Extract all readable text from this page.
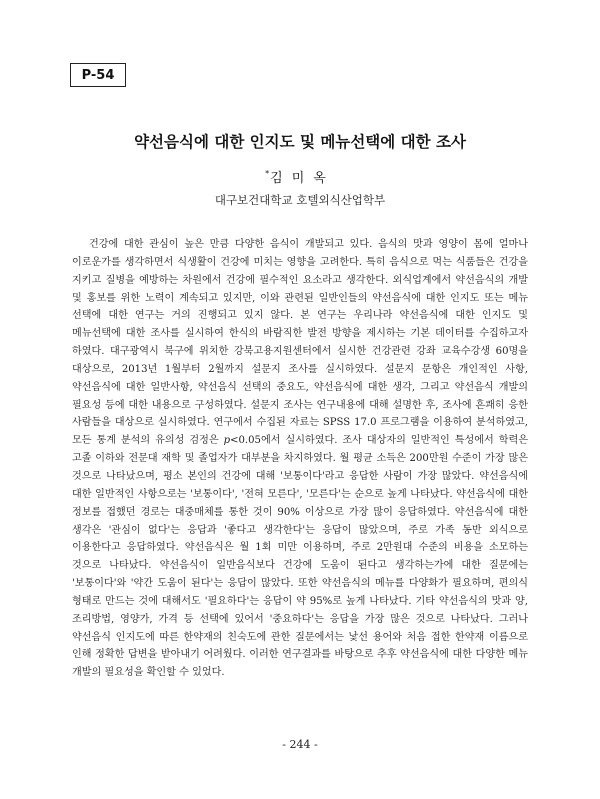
P-54
약선음식에 대한 인지도 및 메뉴선택에 대한 조사
*김미옥
대구보건대학교 호텔외식산업학부

건강에 대한 관심이 높은 만큼 다양한 음식이 개발되고 있다. 음식의 맛과 영양이 몸에 얼마나 이로운가를 생각하면서 식생활이 건강에 미치는 영향을 고려한다. 특히 음식으로 먹는 식품들은 건강을 지키고 질병을 예방하는 차원에서 건강에 필수적인 요소라고 생각한다. 외식업계에서 약선음식의 개발 및 홍보를 위한 노력이 계속되고 있지만, 이와 관련된 일반인들의 약선음식에 대한 인지도 또는 메뉴 선택에 대한 연구는 거의 진행되고 있지 않다. 본 연구는 우리나라 약선음식에 대한 인지도 및 메뉴선택에 대한 조사를 실시하여 한식의 바람직한 발전 방향을 제시하는 기본 데이터를 수집하고자 하였다. 대구광역시 북구에 위치한 강북고용지원센터에서 실시한 건강관련 강좌 교육수강생 60명을 대상으로, 2013년 1월부터 2월까지 설문지 조사를 실시하였다. 설문지 문항은 개인적인 사항, 약선음식에 대한 일반사항, 약선음식 선택의 중요도, 약선음식에 대한 생각, 그리고 약선음식 개발의 필요성 등에 대한 내용으로 구성하였다. 설문지 조사는 연구내용에 대해 설명한 후, 조사에 흔쾌히 응한 사람들을 대상으로 실시하였다. 연구에서 수집된 자료는 SPSS 17.0 프로그램을 이용하여 분석하였고, 모든 통계 분석의 유의성 검정은 p<0.05에서 실시하였다. 조사 대상자의 일반적인 특성에서 학력은 고졸 이하와 전문대 재학 및 졸업자가 대부분을 차지하였다. 월 평균 소득은 200만원 수준이 가장 많은 것으로 나타났으며, 평소 본인의 건강에 대해 '보통이다'라고 응답한 사람이 가장 많았다. 약선음식에 대한 일반적인 사항으로는 '보통이다', '전혀 모른다', '모른다'는 순으로 높게 나타났다. 약선음식에 대한 정보를 접했던 경로는 대중매체를 통한 것이 90% 이상으로 가장 많이 응답하였다. 약선음식에 대한 생각은 '관심이 없다'는 응답과 '좋다고 생각한다'는 응답이 많았으며, 주로 가족 동반 외식으로 이용한다고 응답하였다. 약선음식은 월 1회 미만 이용하며, 주로 2만원대 수준의 비용을 소모하는 것으로 나타났다. 약선음식이 일반음식보다 건강에 도움이 된다고 생각하는가에 대한 질문에는 '보통이다'와 '약간 도움이 된다'는 응답이 많았다. 또한 약선음식의 메뉴를 다양화가 필요하며, 편의식 형태로 만드는 것에 대해서도 '필요하다'는 응답이 약 95%로 높게 나타났다. 기타 약선음식의 맛과 양, 조리방법, 영양가, 가격 등 선택에 있어서 '중요하다'는 응답을 가장 많은 것으로 나타났다. 그러나 약선음식 인지도에 따른 한약재의 친숙도에 관한 질문에서는 낯선 용어와 처음 접한 한약재 이름으로 인해 정확한 답변을 받아내기 어려웠다. 이러한 연구결과를 바탕으로 추후 약선음식에 대한 다양한 메뉴 개발의 필요성을 확인할 수 있었다.

- 244 -
